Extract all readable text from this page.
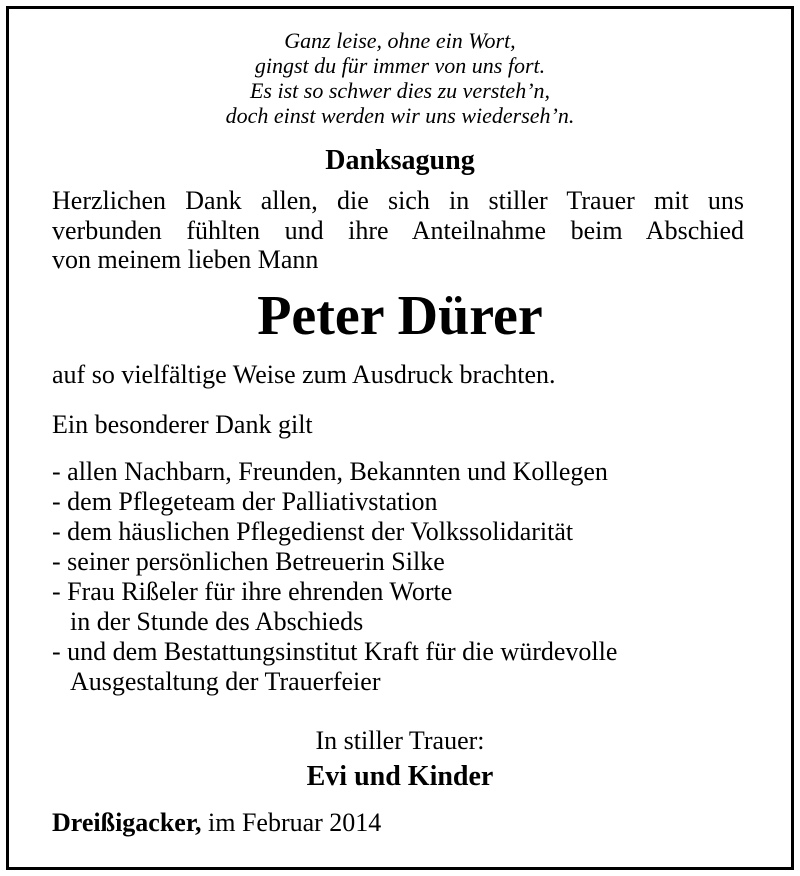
Ganz leise, ohne ein Wort,
gingst du für immer von uns fort.
Es ist so schwer dies zu versteh’n,
doch einst werden wir uns wiederseh’n.
Danksagung
Herzlichen Dank allen, die sich in stiller Trauer mit uns
verbunden fühlten und ihre Anteilnahme beim Abschied
von meinem lieben Mann
Peter Dürer
auf so vielfältige Weise zum Ausdruck brachten.
Ein besonderer Dank gilt
- allen Nachbarn, Freunden, Bekannten und Kollegen
- dem Pflegeteam der Palliativstation
- dem häuslichen Pflegedienst der Volkssolidarität
- seiner persönlichen Betreuerin Silke
- Frau Rißeler für ihre ehrenden Worte
in der Stunde des Abschieds
- und dem Bestattungsinstitut Kraft für die würdevolle
Ausgestaltung der Trauerfeier
In stiller Trauer:
Evi und Kinder
Dreißigacker, im Februar 2014
